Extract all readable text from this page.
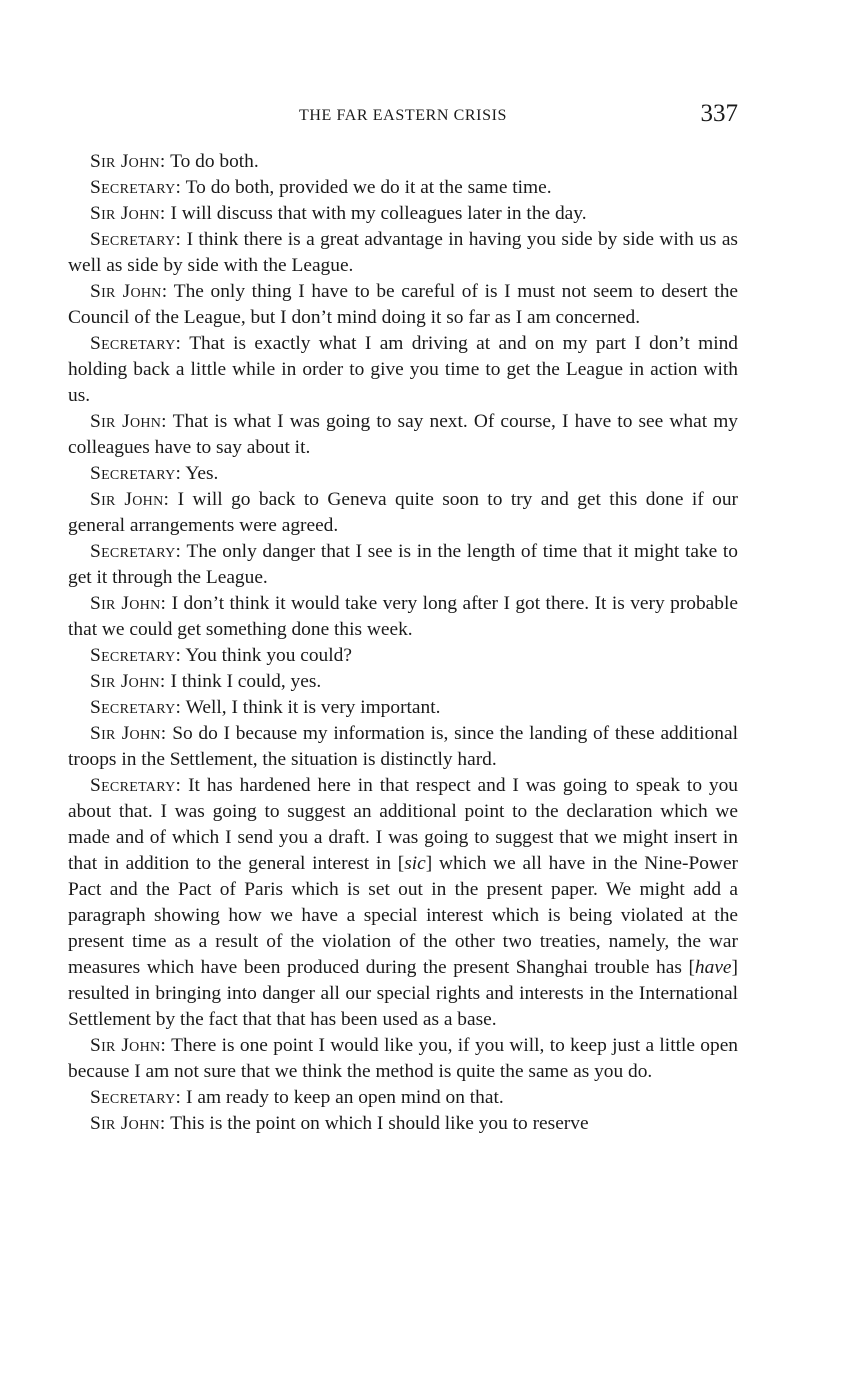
THE FAR EASTERN CRISIS	337

Sir John: To do both.

Secretary: To do both, provided we do it at the same time.

Sir John: I will discuss that with my colleagues later in the day.

Secretary: I think there is a great advantage in having you side by side with us as well as side by side with the League.

Sir John: The only thing I have to be careful of is I must not seem to desert the Council of the League, but I don’t mind doing it so far as I am concerned.

Secretary: That is exactly what I am driving at and on my part I don’t mind holding back a little while in order to give you time to get the League in action with us.

Sir John: That is what I was going to say next. Of course, I have to see what my colleagues have to say about it.

Secretary: Yes.

Sir John: I will go back to Geneva quite soon to try and get this done if our general arrangements were agreed.

Secretary: The only danger that I see is in the length of time that it might take to get it through the League.

Sir John: I don’t think it would take very long after I got there. It is very probable that we could get something done this week.

Secretary: You think you could?

Sir John: I think I could, yes.

Secretary: Well, I think it is very important.

Sir John: So do I because my information is, since the landing of these additional troops in the Settlement, the situation is distinctly hard.

Secretary: It has hardened here in that respect and I was going to speak to you about that. I was going to suggest an additional point to the declaration which we made and of which I send you a draft. I was going to suggest that we might insert in that in addition to the general interest in [sic] which we all have in the Nine-Power Pact and the Pact of Paris which is set out in the present paper. We might add a paragraph showing how we have a special interest which is being violated at the present time as a result of the violation of the other two treaties, namely, the war measures which have been produced during the present Shanghai trouble has [have] resulted in bringing into danger all our special rights and interests in the International Settlement by the fact that that has been used as a base.

Sir John: There is one point I would like you, if you will, to keep just a little open because I am not sure that we think the method is quite the same as you do.

Secretary: I am ready to keep an open mind on that.

Sir John: This is the point on which I should like you to reserve
